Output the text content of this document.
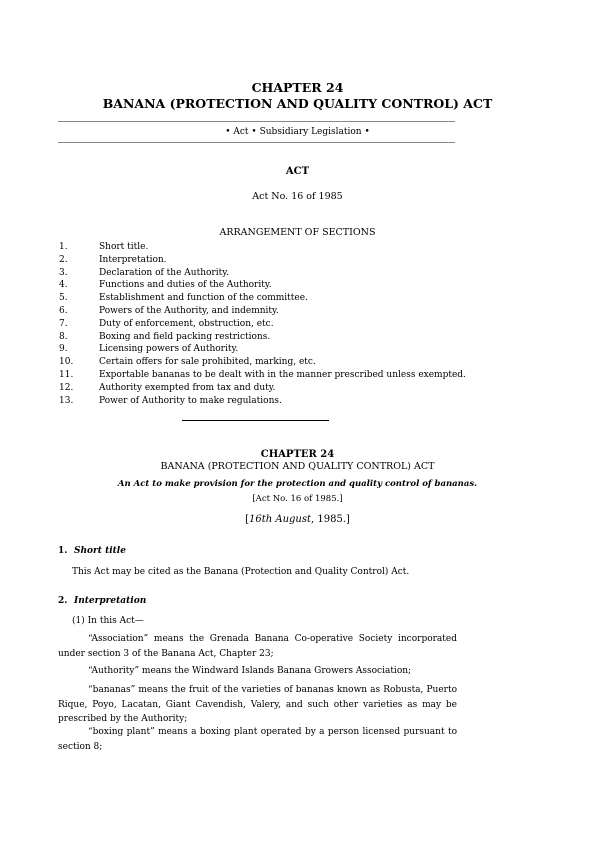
CHAPTER 24
BANANA (PROTECTION AND QUALITY CONTROL) ACT
• Act • Subsidiary Legislation •
ACT
Act No. 16 of 1985
ARRANGEMENT OF SECTIONS
1.	Short title.
2.	Interpretation.
3.	Declaration of the Authority.
4.	Functions and duties of the Authority.
5.	Establishment and function of the committee.
6.	Powers of the Authority, and indemnity.
7.	Duty of enforcement, obstruction, etc.
8.	Boxing and field packing restrictions.
9.	Licensing powers of Authority.
10.	Certain offers for sale prohibited, marking, etc.
11.	Exportable bananas to be dealt with in the manner prescribed unless exempted.
12.	Authority exempted from tax and duty.
13.	Power of Authority to make regulations.
CHAPTER 24
BANANA (PROTECTION AND QUALITY CONTROL) ACT
An Act to make provision for the protection and quality control of bananas.
[Act No. 16 of 1985.]
[16th August, 1985.]
1. Short title
This Act may be cited as the Banana (Protection and Quality Control) Act.
2. Interpretation
(1) In this Act—
“Association” means the Grenada Banana Co-operative Society incorporated under section 3 of the Banana Act, Chapter 23;
“Authority” means the Windward Islands Banana Growers Association;
“bananas” means the fruit of the varieties of bananas known as Robusta, Puerto Rique, Poyo, Lacatan, Giant Cavendish, Valery, and such other varieties as may be prescribed by the Authority;
“boxing plant” means a boxing plant operated by a person licensed pursuant to section 8;
